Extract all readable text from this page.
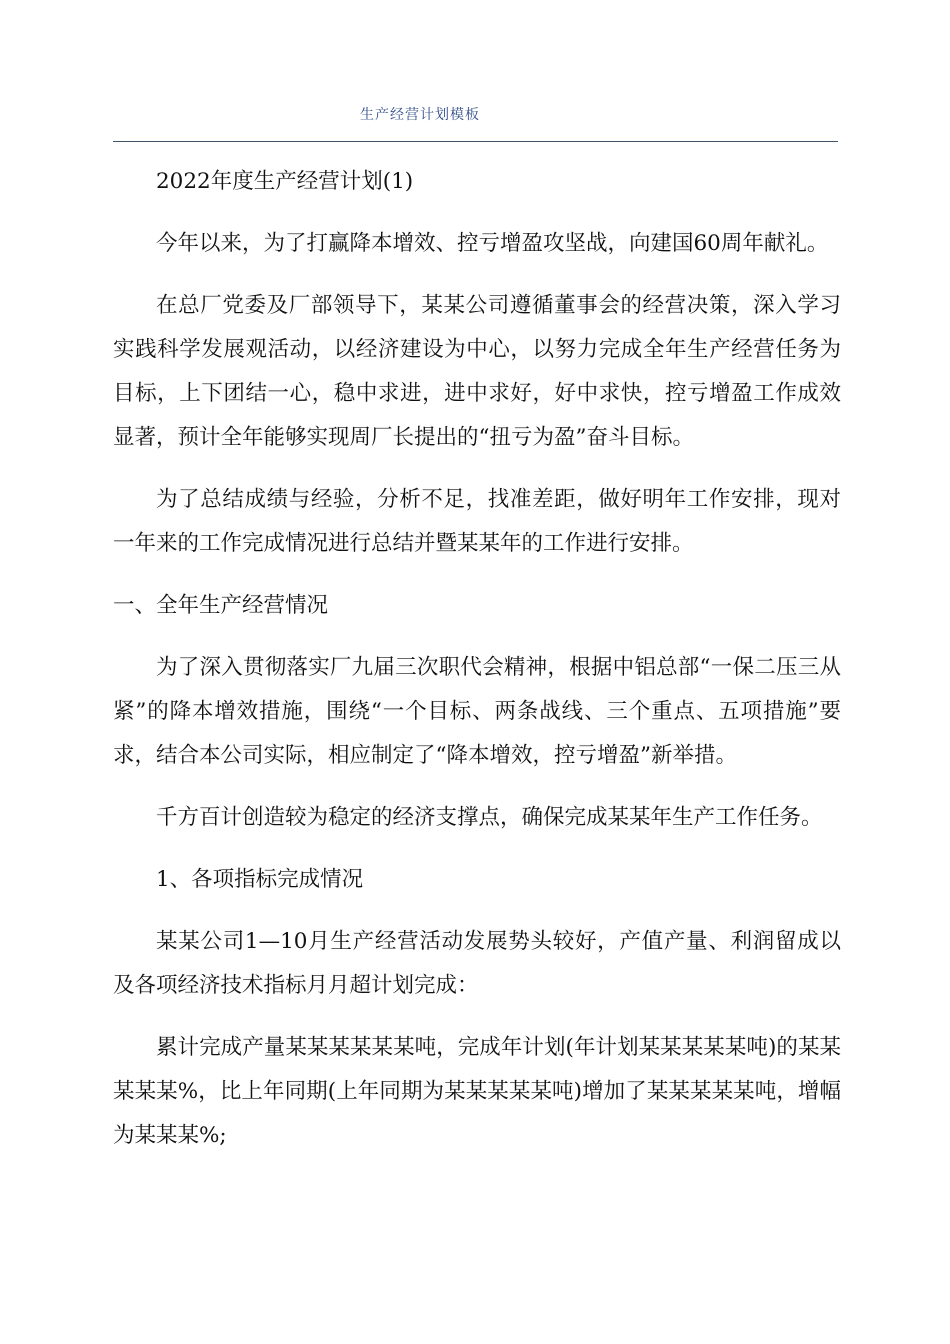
生产经营计划模板

2022年度生产经营计划(1)

今年以来，为了打赢降本增效、控亏增盈攻坚战，向建国60周年献礼。

在总厂党委及厂部领导下，某某公司遵循董事会的经营决策，深入学习实践科学发展观活动，以经济建设为中心，以努力完成全年生产经营任务为目标，上下团结一心，稳中求进，进中求好，好中求快，控亏增盈工作成效显著，预计全年能够实现周厂长提出的“扭亏为盈”奋斗目标。

为了总结成绩与经验，分析不足，找准差距，做好明年工作安排，现对一年来的工作完成情况进行总结并暨某某年的工作进行安排。

一、全年生产经营情况

为了深入贯彻落实厂九届三次职代会精神，根据中铝总部“一保二压三从紧”的降本增效措施，围绕“一个目标、两条战线、三个重点、五项措施”要求，结合本公司实际，相应制定了“降本增效，控亏增盈”新举措。

千方百计创造较为稳定的经济支撑点，确保完成某某年生产工作任务。

1、各项指标完成情况

某某公司1—10月生产经营活动发展势头较好，产值产量、利润留成以及各项经济技术指标月月超计划完成：

累计完成产量某某某某某某吨，完成年计划(年计划某某某某某吨)的某某某某某%，比上年同期(上年同期为某某某某某吨)增加了某某某某某吨，增幅为某某某%;
